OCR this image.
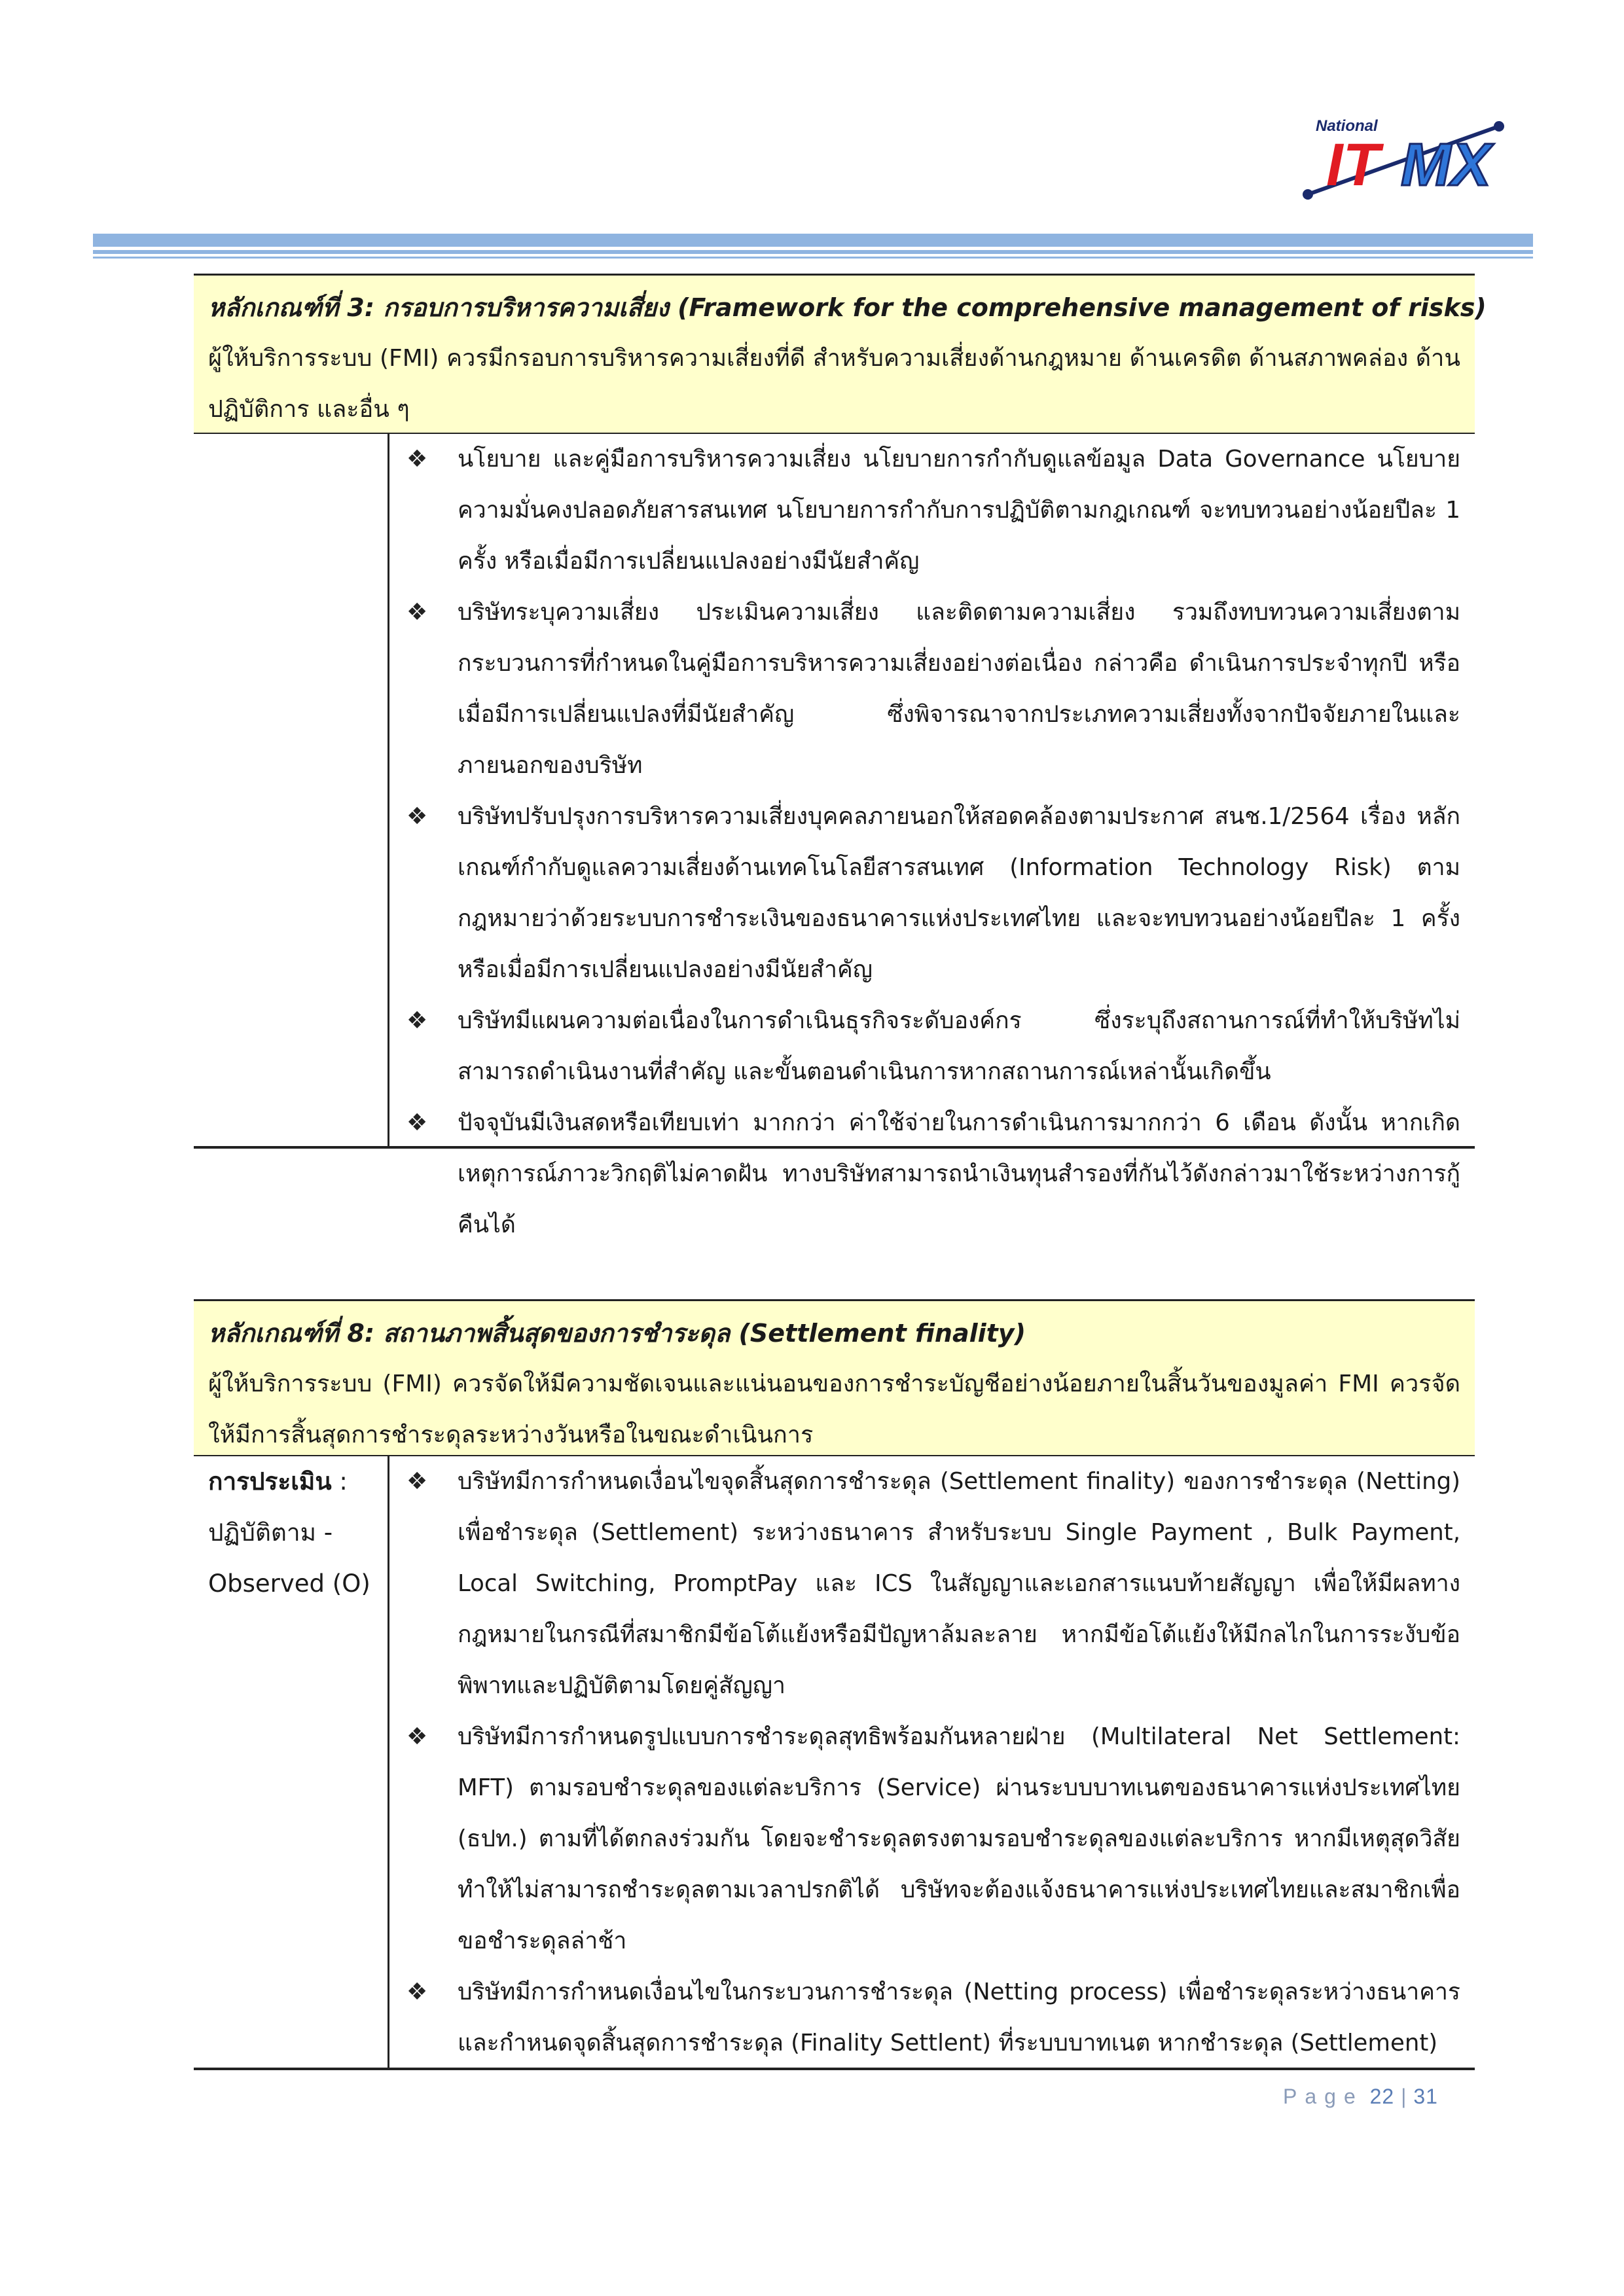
IT MX
National
หลักเกณฑ์ที่ 3: กรอบการบริหารความเสี่ยง (Framework for the comprehensive management of risks)
ผู้ให้บริการระบบ (FMI) ควรมีกรอบการบริหารความเสี่ยงที่ดี สำหรับความเสี่ยงด้านกฎหมาย ด้านเครดิต ด้านสภาพคล่อง ด้านปฏิบัติการ และอื่น ๆ
❖ นโยบาย และคู่มือการบริหารความเสี่ยง นโยบายการกำกับดูแลข้อมูล Data Governance นโยบายความมั่นคงปลอดภัยสารสนเทศ นโยบายการกำกับการปฏิบัติตามกฎเกณฑ์ จะทบทวนอย่างน้อยปีละ 1 ครั้ง หรือเมื่อมีการเปลี่ยนแปลงอย่างมีนัยสำคัญ
❖ บริษัทระบุความเสี่ยง ประเมินความเสี่ยง และติดตามความเสี่ยง รวมถึงทบทวนความเสี่ยงตามกระบวนการที่กำหนดในคู่มือการบริหารความเสี่ยงอย่างต่อเนื่อง กล่าวคือ ดำเนินการประจำทุกปี หรือเมื่อมีการเปลี่ยนแปลงที่มีนัยสำคัญ ซึ่งพิจารณาจากประเภทความเสี่ยงทั้งจากปัจจัยภายในและภายนอกของบริษัท
❖ บริษัทปรับปรุงการบริหารความเสี่ยงบุคคลภายนอกให้สอดคล้องตามประกาศ สนช.1/2564 เรื่อง หลักเกณฑ์กำกับดูแลความเสี่ยงด้านเทคโนโลยีสารสนเทศ (Information Technology Risk) ตามกฎหมายว่าด้วยระบบการชำระเงินของธนาคารแห่งประเทศไทย และจะทบทวนอย่างน้อยปีละ 1 ครั้ง หรือเมื่อมีการเปลี่ยนแปลงอย่างมีนัยสำคัญ
❖ บริษัทมีแผนความต่อเนื่องในการดำเนินธุรกิจระดับองค์กร ซึ่งระบุถึงสถานการณ์ที่ทำให้บริษัทไม่สามารถดำเนินงานที่สำคัญ และขั้นตอนดำเนินการหากสถานการณ์เหล่านั้นเกิดขึ้น
❖ ปัจจุบันมีเงินสดหรือเทียบเท่า มากกว่า ค่าใช้จ่ายในการดำเนินการมากกว่า 6 เดือน ดังนั้น หากเกิดเหตุการณ์ภาวะวิกฤติไม่คาดฝัน ทางบริษัทสามารถนำเงินทุนสำรองที่กันไว้ดังกล่าวมาใช้ระหว่างการกู้คืนได้
หลักเกณฑ์ที่ 8: สถานภาพสิ้นสุดของการชำระดุล (Settlement finality)
ผู้ให้บริการระบบ (FMI) ควรจัดให้มีความชัดเจนและแน่นอนของการชำระบัญชีอย่างน้อยภายในสิ้นวันของมูลค่า FMI ควรจัดให้มีการสิ้นสุดการชำระดุลระหว่างวันหรือในขณะดำเนินการ
การประเมิน :
ปฏิบัติตาม -
Observed (O)
❖ บริษัทมีการกำหนดเงื่อนไขจุดสิ้นสุดการชำระดุล (Settlement finality) ของการชำระดุล (Netting) เพื่อชำระดุล (Settlement) ระหว่างธนาคาร สำหรับระบบ Single Payment , Bulk Payment, Local Switching, PromptPay และ ICS ในสัญญาและเอกสารแนบท้ายสัญญา เพื่อให้มีผลทางกฎหมายในกรณีที่สมาชิกมีข้อโต้แย้งหรือมีปัญหาล้มละลาย หากมีข้อโต้แย้งให้มีกลไกในการระงับข้อพิพาทและปฏิบัติตามโดยคู่สัญญา
❖ บริษัทมีการกำหนดรูปแบบการชำระดุลสุทธิพร้อมกันหลายฝ่าย (Multilateral Net Settlement: MFT) ตามรอบชำระดุลของแต่ละบริการ (Service) ผ่านระบบบาทเนตของธนาคารแห่งประเทศไทย (ธปท.) ตามที่ได้ตกลงร่วมกัน โดยจะชำระดุลตรงตามรอบชำระดุลของแต่ละบริการ หากมีเหตุสุดวิสัยทำให้ไม่สามารถชำระดุลตามเวลาปรกติได้ บริษัทจะต้องแจ้งธนาคารแห่งประเทศไทยและสมาชิกเพื่อขอชำระดุลล่าช้า
❖ บริษัทมีการกำหนดเงื่อนไขในกระบวนการชำระดุล (Netting process) เพื่อชำระดุลระหว่างธนาคารและกำหนดจุดสิ้นสุดการชำระดุล (Finality Settlent) ที่ระบบบาทเนต หากชำระดุล (Settlement)
Page 22 | 31
